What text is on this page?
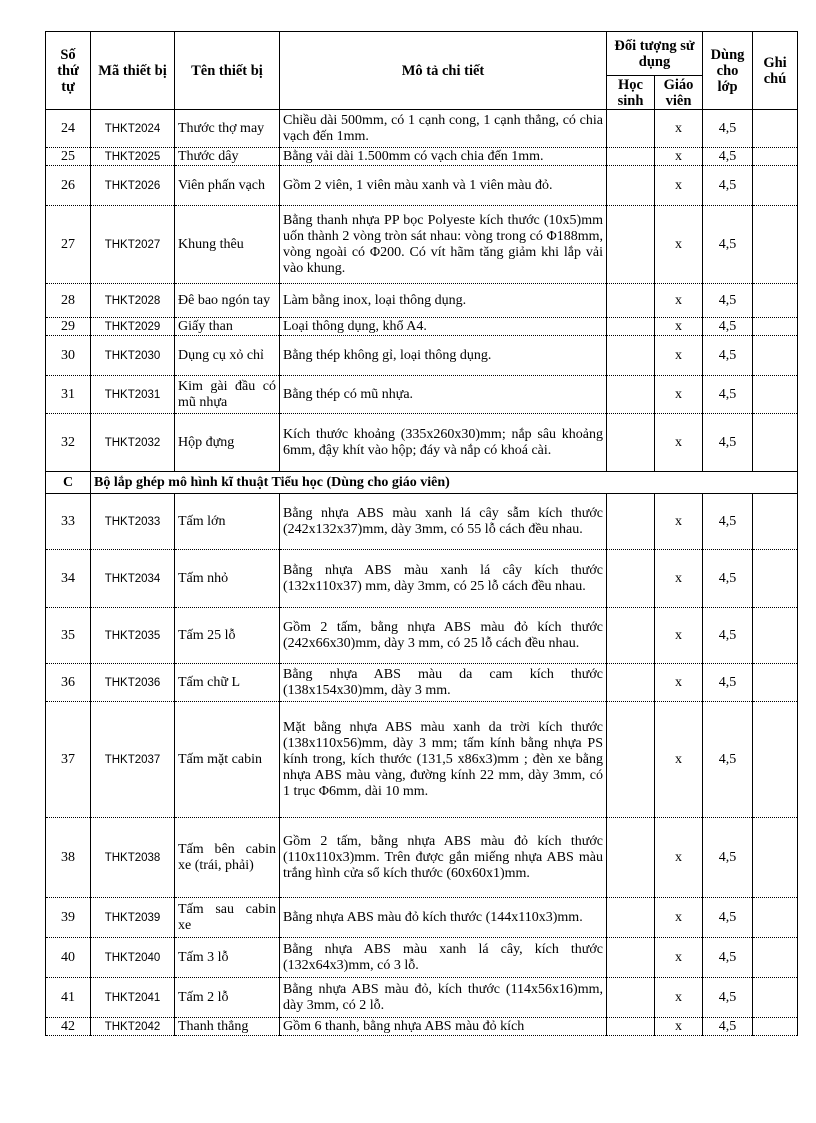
Số thứ tự	Mã thiết bị	Tên thiết bị	Mô tả chi tiết	Đối tượng sử dụng		Dùng cho lớp	Ghi chú
				Học sinh	Giáo viên		
24	THKT2024	Thước thợ may	Chiều dài 500mm, có 1 cạnh cong, 1 cạnh thẳng, có chia vạch đến 1mm.		x	4,5	
25	THKT2025	Thước dây	Bằng vải dài 1.500mm có vạch chia đến 1mm.		x	4,5	
26	THKT2026	Viên phấn vạch	Gồm 2 viên, 1 viên màu xanh và 1 viên màu đỏ.		x	4,5	
27	THKT2027	Khung thêu	Bằng thanh nhựa PP bọc Polyeste kích thước (10x5)mm uốn thành 2 vòng tròn sát nhau: vòng trong có Φ188mm, vòng ngoài có Φ200. Có vít hãm tăng giảm khi lắp vải vào khung.		x	4,5	
28	THKT2028	Đê bao ngón tay	Làm bằng inox, loại thông dụng.		x	4,5	
29	THKT2029	Giấy than	Loại thông dụng, khổ A4.		x	4,5	
30	THKT2030	Dụng cụ xỏ chỉ	Bằng thép không gỉ, loại thông dụng.		x	4,5	
31	THKT2031	Kim gài đầu có mũ nhựa	Bằng thép có mũ nhựa.		x	4,5	
32	THKT2032	Hộp đựng	Kích thước khoảng (335x260x30)mm; nắp sâu khoảng 6mm, đậy khít vào hộp; đáy và nắp có khoá cài.		x	4,5	
C	Bộ lắp ghép mô hình kĩ thuật Tiểu học (Dùng cho giáo viên)						
33	THKT2033	Tấm lớn	Bằng nhựa ABS màu xanh lá cây sẫm kích thước (242x132x37)mm, dày 3mm, có 55 lỗ cách đều nhau.		x	4,5	
34	THKT2034	Tấm nhỏ	Bằng nhựa ABS màu xanh lá cây kích thước (132x110x37) mm, dày 3mm, có 25 lỗ cách đều nhau.		x	4,5	
35	THKT2035	Tấm 25 lỗ	Gồm 2 tấm, bằng nhựa ABS màu đỏ kích thước (242x66x30)mm, dày 3 mm, có 25 lỗ cách đều nhau.		x	4,5	
36	THKT2036	Tấm chữ L	Bằng nhựa ABS màu da cam kích thước (138x154x30)mm, dày 3 mm.		x	4,5	
37	THKT2037	Tấm mặt cabin	Mặt bằng nhựa ABS màu xanh da trời kích thước (138x110x56)mm, dày 3 mm; tấm kính bằng nhựa PS kính trong, kích thước (131,5 x86x3)mm ; đèn xe bằng nhựa ABS màu vàng, đường kính 22 mm, dày 3mm, có 1 trục Φ6mm, dài 10 mm.		x	4,5	
38	THKT2038	Tấm bên cabin xe (trái, phải)	Gồm 2 tấm, bằng nhựa ABS màu đỏ kích thước (110x110x3)mm. Trên được gắn miếng nhựa ABS màu trắng hình cửa sổ kích thước (60x60x1)mm.		x	4,5	
39	THKT2039	Tấm sau cabin xe	Bằng nhựa ABS màu đỏ kích thước (144x110x3)mm.		x	4,5	
40	THKT2040	Tấm 3 lỗ	Bằng nhựa ABS màu xanh lá cây, kích thước (132x64x3)mm, có 3 lỗ.		x	4,5	
41	THKT2041	Tấm 2 lỗ	Bằng nhựa ABS màu đỏ, kích thước (114x56x16)mm, dày 3mm, có 2 lỗ.		x	4,5	
42	THKT2042	Thanh thẳng	Gồm 6 thanh, bằng nhựa ABS màu đỏ kích		x	4,5	
